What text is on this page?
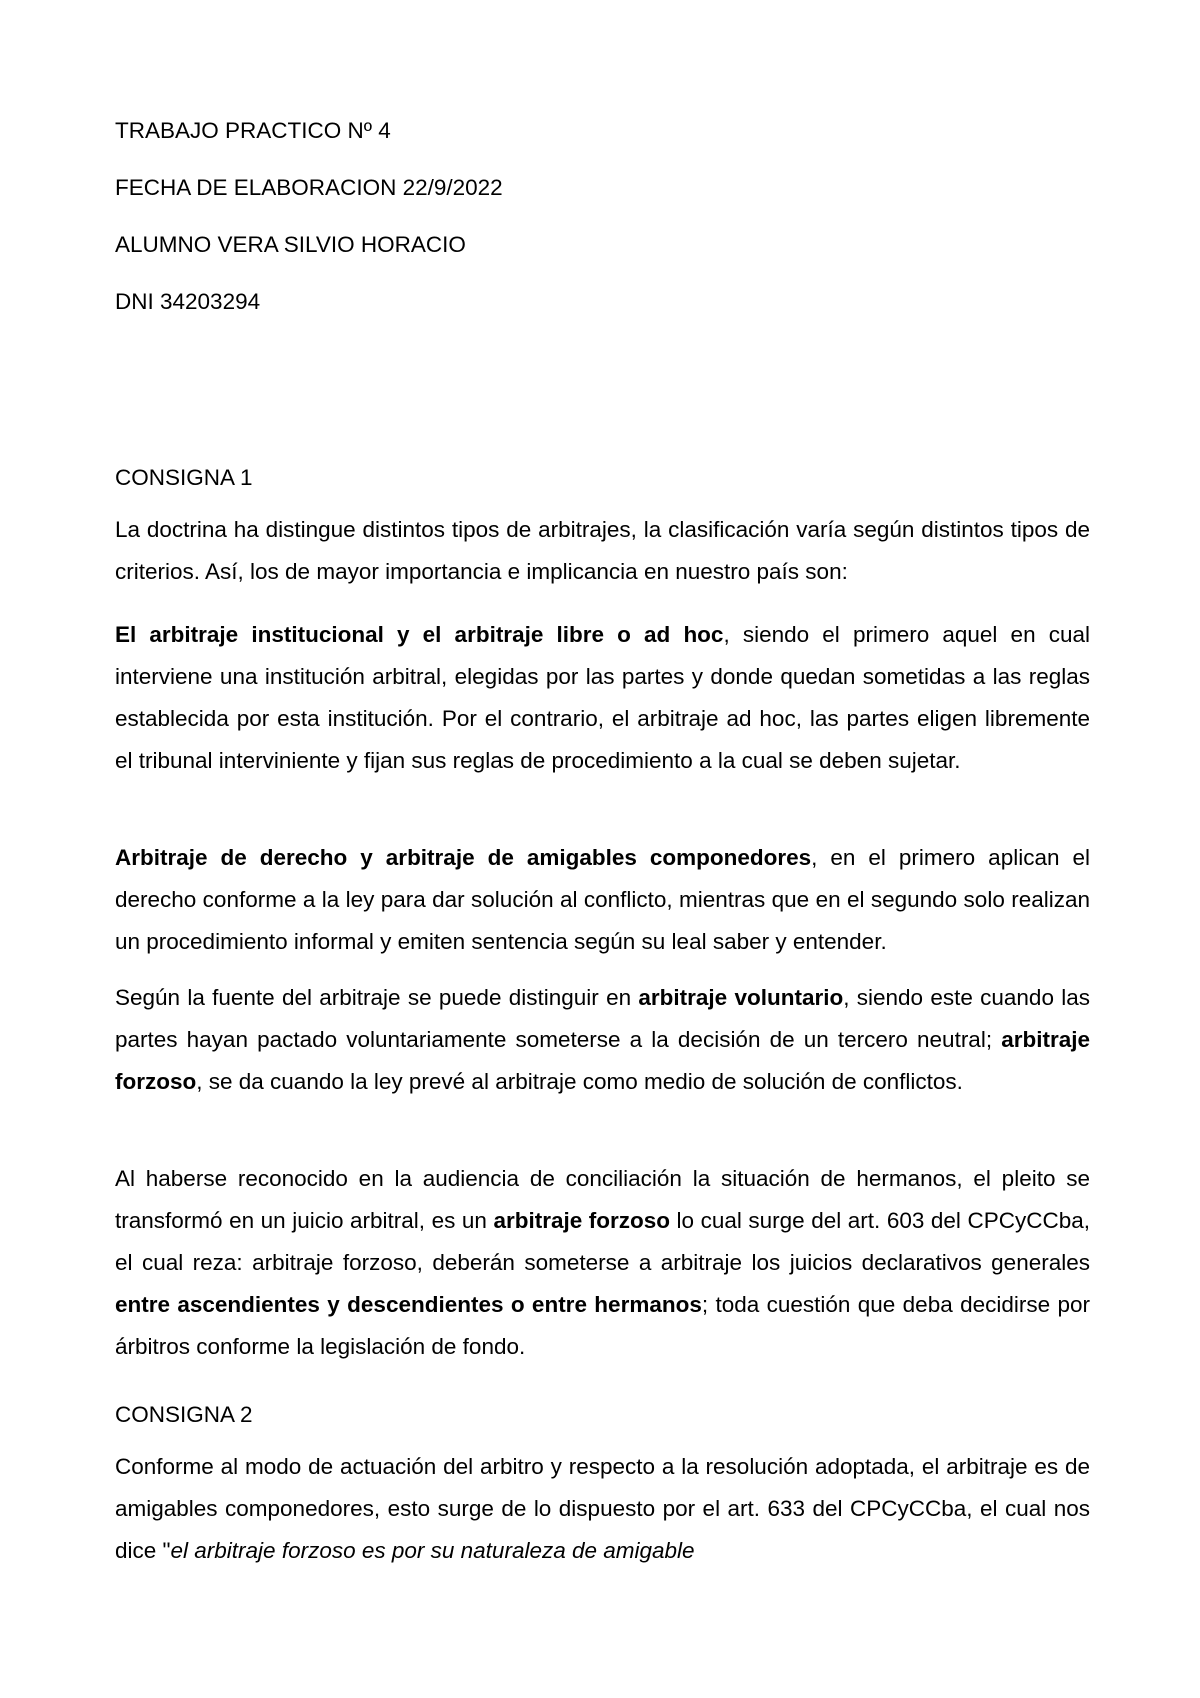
TRABAJO PRACTICO Nº 4

FECHA DE ELABORACION 22/9/2022

ALUMNO VERA SILVIO HORACIO

DNI 34203294

CONSIGNA 1

La doctrina ha distingue distintos tipos de arbitrajes, la clasificación varía según distintos tipos de criterios. Así, los de mayor importancia e implicancia en nuestro país son:

El arbitraje institucional y el arbitraje libre o ad hoc, siendo el primero aquel en cual interviene una institución arbitral, elegidas por las partes y donde quedan sometidas a las reglas establecida por esta institución. Por el contrario, el arbitraje ad hoc, las partes eligen libremente el tribunal interviniente y fijan sus reglas de procedimiento a la cual se deben sujetar.

Arbitraje de derecho y arbitraje de amigables componedores, en el primero aplican el derecho conforme a la ley para dar solución al conflicto, mientras que en el segundo solo realizan un procedimiento informal y emiten sentencia según su leal saber y entender.

Según la fuente del arbitraje se puede distinguir en arbitraje voluntario, siendo este cuando las partes hayan pactado voluntariamente someterse a la decisión de un tercero neutral; arbitraje forzoso, se da cuando la ley prevé al arbitraje como medio de solución de conflictos.

Al haberse reconocido en la audiencia de conciliación la situación de hermanos, el pleito se transformó en un juicio arbitral, es un arbitraje forzoso lo cual surge del art. 603 del CPCyCCba, el cual reza: arbitraje forzoso, deberán someterse a arbitraje los juicios declarativos generales entre ascendientes y descendientes o entre hermanos; toda cuestión que deba decidirse por árbitros conforme la legislación de fondo.

CONSIGNA 2

Conforme al modo de actuación del arbitro y respecto a la resolución adoptada, el arbitraje es de amigables componedores, esto surge de lo dispuesto por el art. 633 del CPCyCCba, el cual nos dice "el arbitraje forzoso es por su naturaleza de amigable
